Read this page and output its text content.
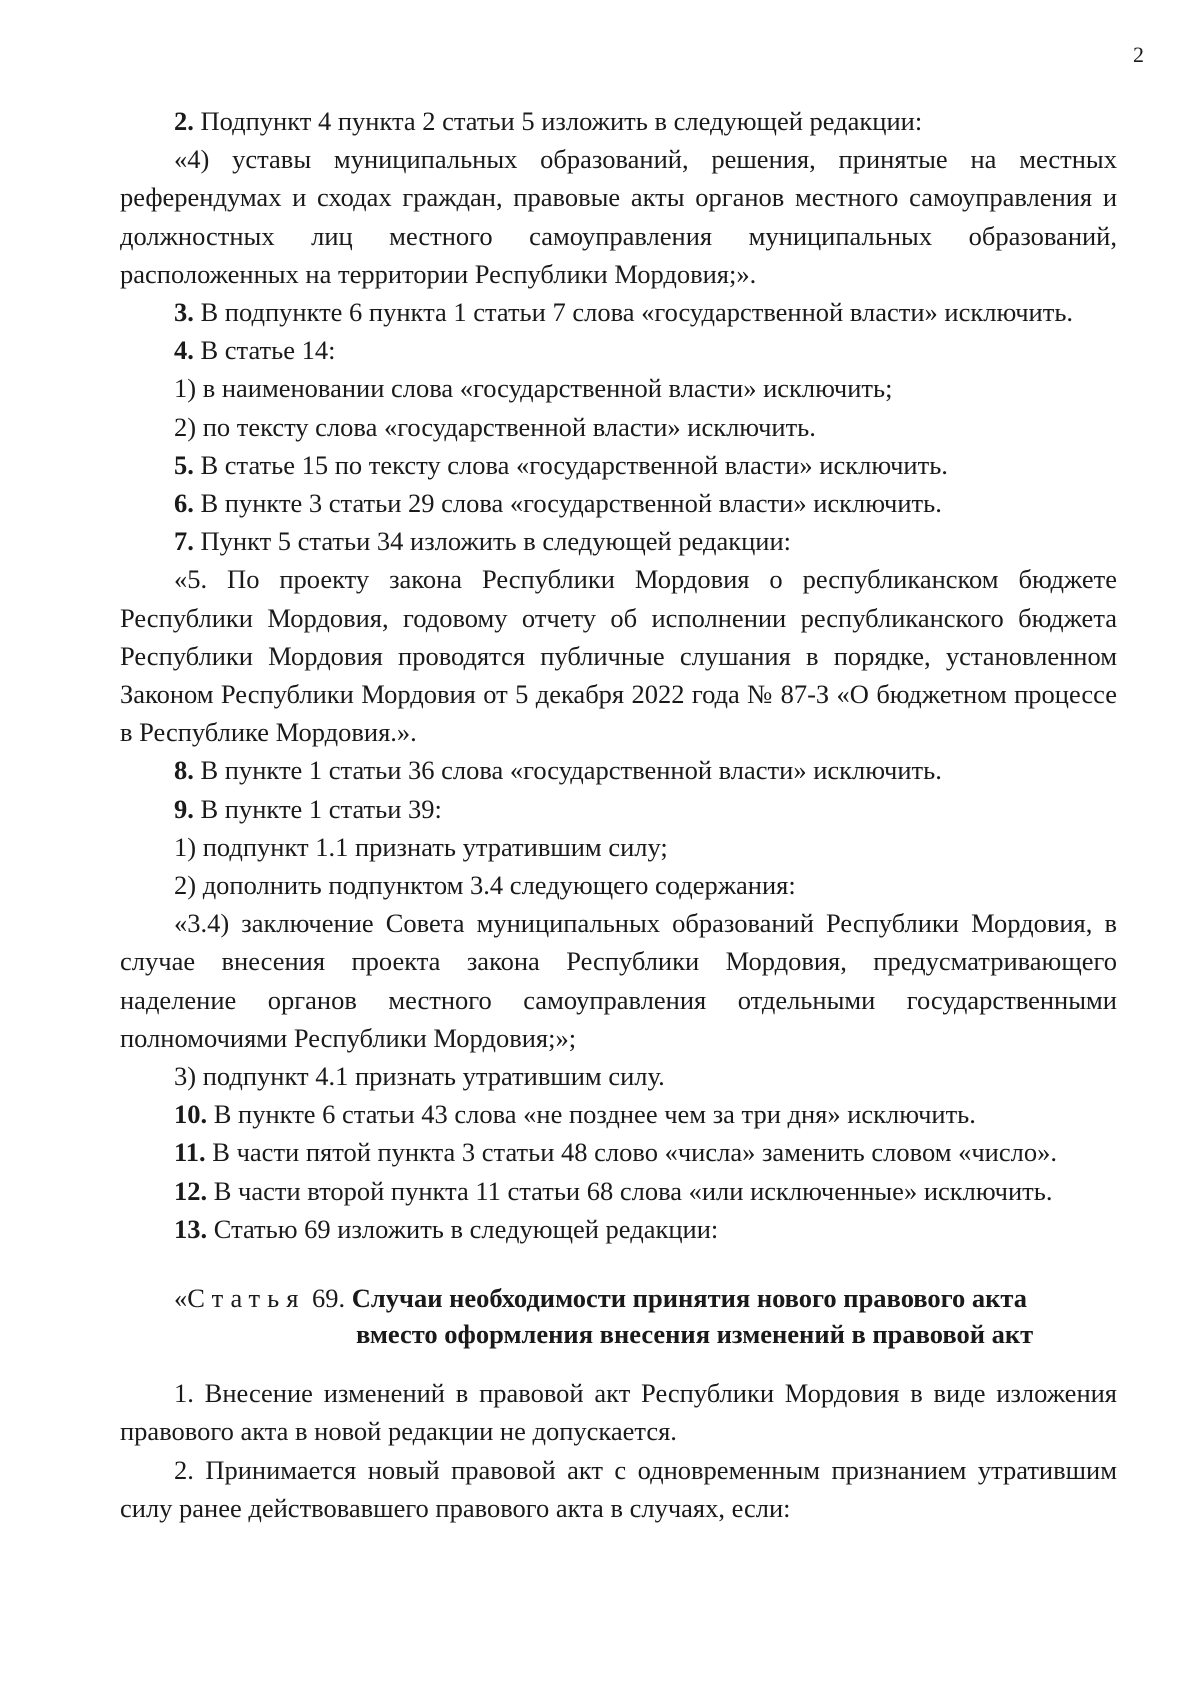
2

2. Подпункт 4 пункта 2 статьи 5 изложить в следующей редакции:

«4) уставы муниципальных образований, решения, принятые на местных референдумах и сходах граждан, правовые акты органов местного самоуправления и должностных лиц местного самоуправления муниципальных образований, расположенных на территории Республики Мордовия;».

3. В подпункте 6 пункта 1 статьи 7 слова «государственной власти» исключить.

4. В статье 14:

1) в наименовании слова «государственной власти» исключить;

2) по тексту слова «государственной власти» исключить.

5. В статье 15 по тексту слова «государственной власти» исключить.

6. В пункте 3 статьи 29 слова «государственной власти» исключить.

7. Пункт 5 статьи 34 изложить в следующей редакции:

«5. По проекту закона Республики Мордовия о республиканском бюджете Республики Мордовия, годовому отчету об исполнении республиканского бюджета Республики Мордовия проводятся публичные слушания в порядке, установленном Законом Республики Мордовия от 5 декабря 2022 года № 87-З «О бюджетном процессе в Республике Мордовия.».

8. В пункте 1 статьи 36 слова «государственной власти» исключить.

9. В пункте 1 статьи 39:

1) подпункт 1.1 признать утратившим силу;

2) дополнить подпунктом 3.4 следующего содержания:

«3.4) заключение Совета муниципальных образований Республики Мордовия, в случае внесения проекта закона Республики Мордовия, предусматривающего наделение органов местного самоуправления отдельными государственными полномочиями Республики Мордовия;»;

3) подпункт 4.1 признать утратившим силу.

10. В пункте 6 статьи 43 слова «не позднее чем за три дня» исключить.

11. В части пятой пункта 3 статьи 48 слово «числа» заменить словом «число».

12. В части второй пункта 11 статьи 68 слова «или исключенные» исключить.

13. Статью 69 изложить в следующей редакции:

«Статья 69. Случаи необходимости принятия нового правового акта
вместо оформления внесения изменений в правовой акт

1. Внесение изменений в правовой акт Республики Мордовия в виде изложения правового акта в новой редакции не допускается.

2. Принимается новый правовой акт с одновременным признанием утратившим силу ранее действовавшего правового акта в случаях, если:
